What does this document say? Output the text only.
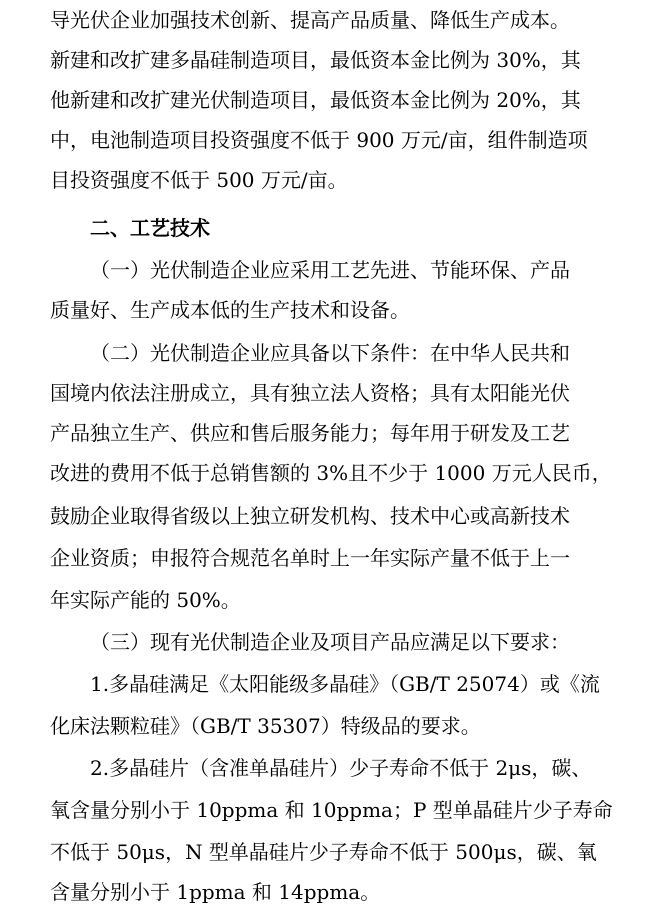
导光伏企业加强技术创新、提高产品质量、降低生产成本。
新建和改扩建多晶硅制造项目，最低资本金比例为 30%，其
他新建和改扩建光伏制造项目，最低资本金比例为 20%，其
中，电池制造项目投资强度不低于 900 万元/亩，组件制造项
目投资强度不低于 500 万元/亩。
二、工艺技术
（一）光伏制造企业应采用工艺先进、节能环保、产品
质量好、生产成本低的生产技术和设备。
（二）光伏制造企业应具备以下条件：在中华人民共和
国境内依法注册成立，具有独立法人资格；具有太阳能光伏
产品独立生产、供应和售后服务能力；每年用于研发及工艺
改进的费用不低于总销售额的 3%且不少于 1000 万元人民币，
鼓励企业取得省级以上独立研发机构、技术中心或高新技术
企业资质；申报符合规范名单时上一年实际产量不低于上一
年实际产能的 50%。
（三）现有光伏制造企业及项目产品应满足以下要求：
1.多晶硅满足《太阳能级多晶硅》（GB/T 25074）或《流
化床法颗粒硅》（GB/T 35307）特级品的要求。
2.多晶硅片（含准单晶硅片）少子寿命不低于 2μs，碳、
氧含量分别小于 10ppma 和 10ppma；P 型单晶硅片少子寿命
不低于 50μs，N 型单晶硅片少子寿命不低于 500μs，碳、氧
含量分别小于 1ppma 和 14ppma。
